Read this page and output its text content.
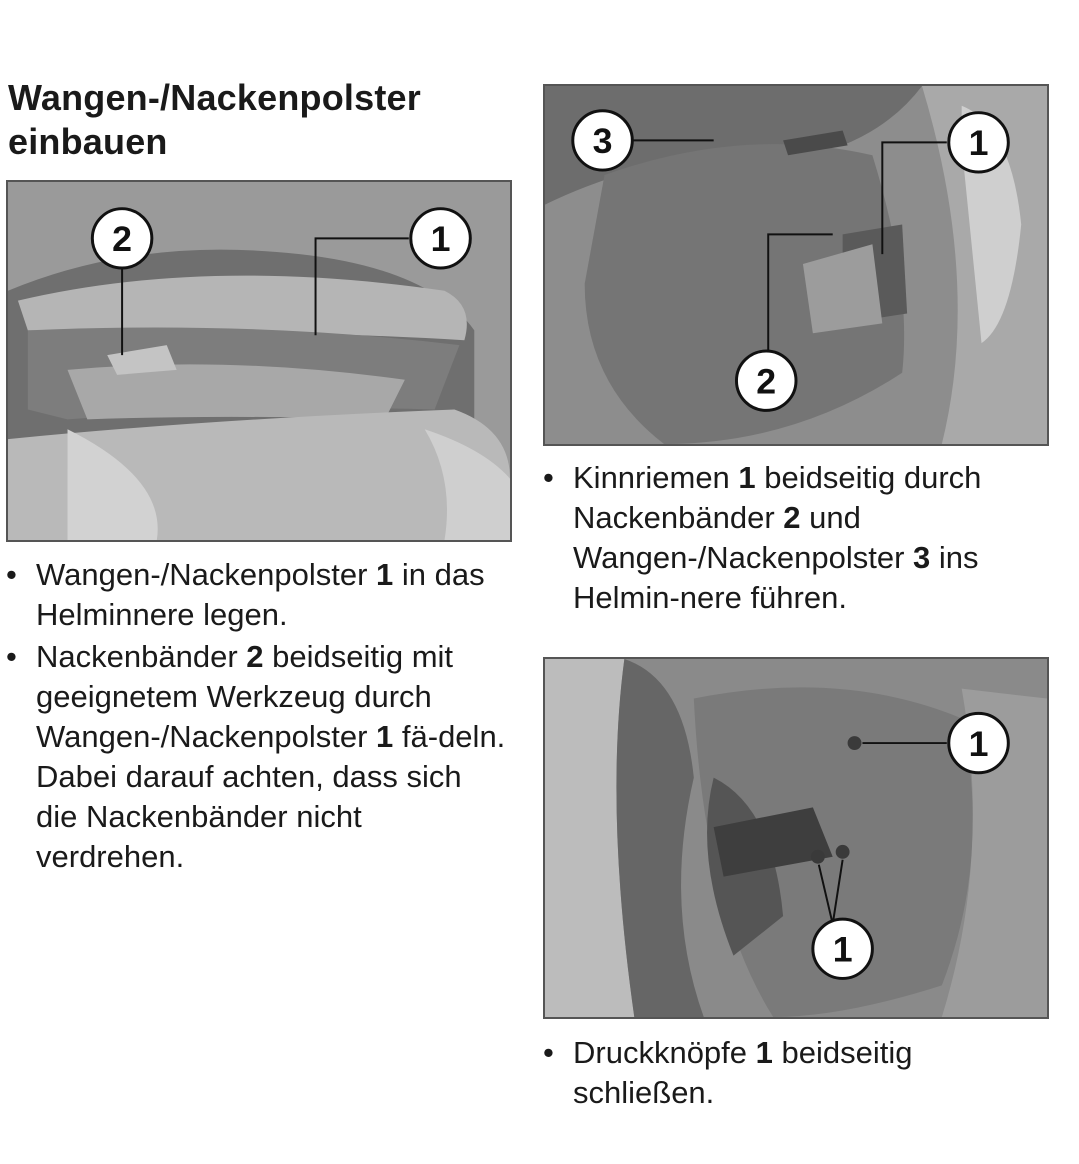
Wangen-/Nackenpolster
einbauen
2	1
3	1
2
1
1
• Wangen-/Nackenpolster 1 in das Helminnere legen.
• Nackenbänder 2 beidseitig mit geeignetem Werkzeug durch Wangen-/Nackenpolster 1 fä-deln. Dabei darauf achten, dass sich die Nackenbänder nicht verdrehen.
• Kinnriemen 1 beidseitig durch Nackenbänder 2 und Wangen-/Nackenpolster 3 ins Helmin-nere führen.
• Druckknöpfe 1 beidseitig schließen.
